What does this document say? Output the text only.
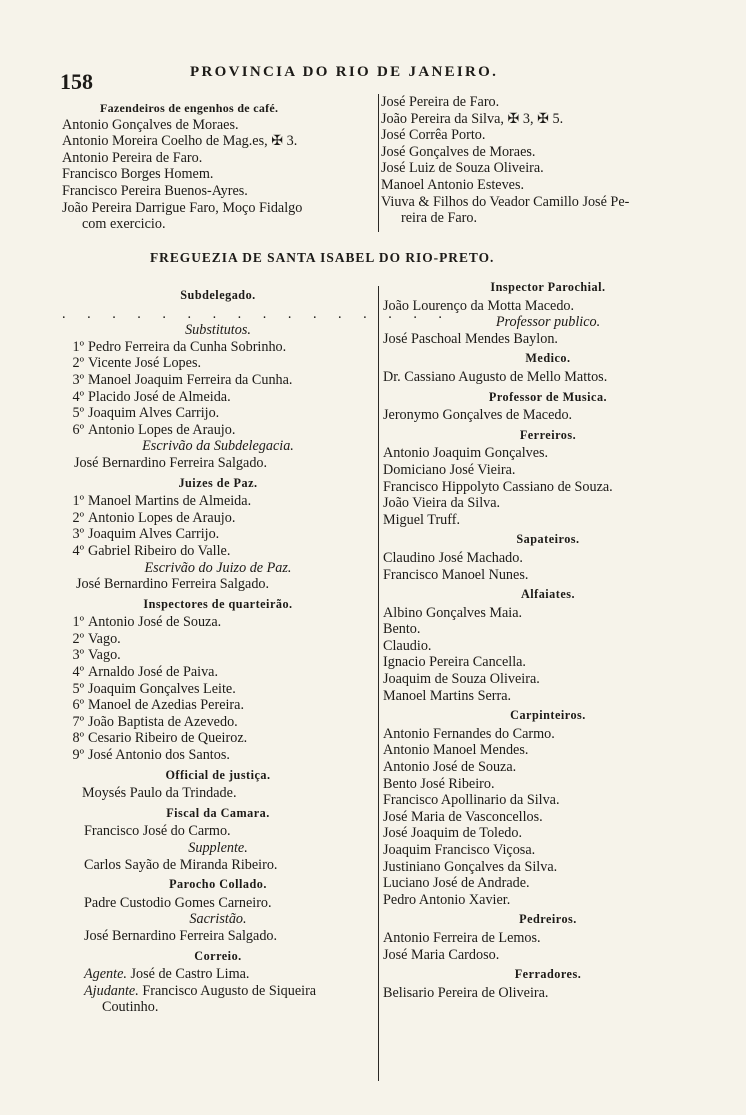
158	PROVINCIA DO RIO DE JANEIRO.
Fazendeiros de engenhos de café.
Antonio Gonçalves de Moraes.
Antonio Moreira Coelho de Mag.es, ✠ 3.
Antonio Pereira de Faro.
Francisco Borges Homem.
Francisco Pereira Buenos-Ayres.
João Pereira Darrigue Faro, Moço Fidalgo
com exercicio.
José Pereira de Faro.
João Pereira da Silva, ✠ 3, ✠ 5.
José Corrêa Porto.
José Gonçalves de Moraes.
José Luiz de Souza Oliveira.
Manoel Antonio Esteves.
Viuva & Filhos do Veador Camillo José Pe-
reira de Faro.
FREGUEZIA DE SANTA ISABEL DO RIO-PRETO.
Subdelegado.
. . . . . . . . . . . . . . . .
Substitutos.
1º Pedro Ferreira da Cunha Sobrinho.
2º Vicente José Lopes.
3º Manoel Joaquim Ferreira da Cunha.
4º Placido José de Almeida.
5º Joaquim Alves Carrijo.
6º Antonio Lopes de Araujo.
Escrivão da Subdelegacia.
José Bernardino Ferreira Salgado.
Juizes de Paz.
1º Manoel Martins de Almeida.
2º Antonio Lopes de Araujo.
3º Joaquim Alves Carrijo.
4º Gabriel Ribeiro do Valle.
Escrivão do Juizo de Paz.
José Bernardino Ferreira Salgado.
Inspectores de quarteirão.
1º Antonio José de Souza.
2º Vago.
3º Vago.
4º Arnaldo José de Paiva.
5º Joaquim Gonçalves Leite.
6º Manoel de Azedias Pereira.
7º João Baptista de Azevedo.
8º Cesario Ribeiro de Queiroz.
9º José Antonio dos Santos.
Official de justiça.
Moysés Paulo da Trindade.
Fiscal da Camara.
Francisco José do Carmo.
Supplente.
Carlos Sayão de Miranda Ribeiro.
Parocho Collado.
Padre Custodio Gomes Carneiro.
Sacristão.
José Bernardino Ferreira Salgado.
Correio.
Agente. José de Castro Lima.
Ajudante. Francisco Augusto de Siqueira
Coutinho.
Inspector Parochial.
João Lourenço da Motta Macedo.
Professor publico.
José Paschoal Mendes Baylon.
Medico.
Dr. Cassiano Augusto de Mello Mattos.
Professor de Musica.
Jeronymo Gonçalves de Macedo.
Ferreiros.
Antonio Joaquim Gonçalves.
Domiciano José Vieira.
Francisco Hippolyto Cassiano de Souza.
João Vieira da Silva.
Miguel Truff.
Sapateiros.
Claudino José Machado.
Francisco Manoel Nunes.
Alfaiates.
Albino Gonçalves Maia.
Bento.
Claudio.
Ignacio Pereira Cancella.
Joaquim de Souza Oliveira.
Manoel Martins Serra.
Carpinteiros.
Antonio Fernandes do Carmo.
Antonio Manoel Mendes.
Antonio José de Souza.
Bento José Ribeiro.
Francisco Apollinario da Silva.
José Maria de Vasconcellos.
José Joaquim de Toledo.
Joaquim Francisco Viçosa.
Justiniano Gonçalves da Silva.
Luciano José de Andrade.
Pedro Antonio Xavier.
Pedreiros.
Antonio Ferreira de Lemos.
José Maria Cardoso.
Ferradores.
Belisario Pereira de Oliveira.
